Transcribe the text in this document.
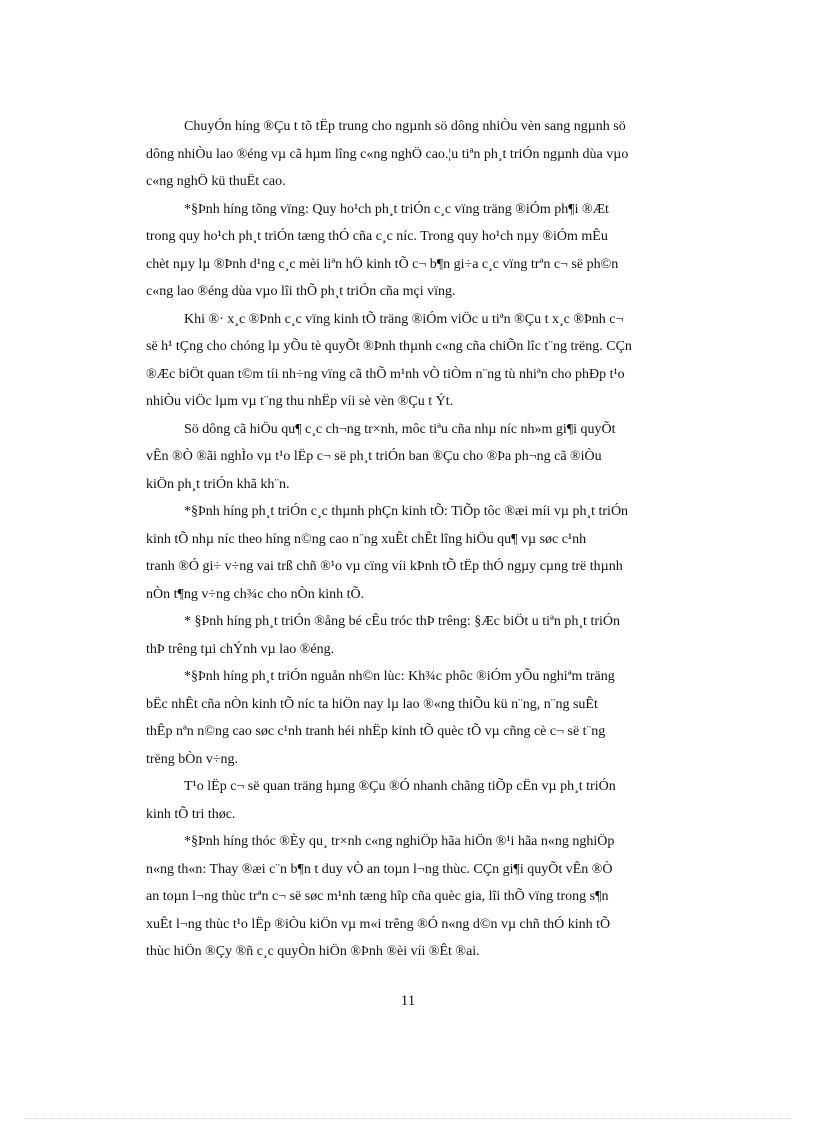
ChuyÓn híng ®Çu t tõ tËp trung cho ngµnh sö dông nhiÒu vèn sang ngµnh sö
dông nhiÒu lao ®éng vµ cã hµm lîng c«ng nghÖ cao.¦u tiªn ph¸t triÓn ngµnh dùa vµo
c«ng nghÖ kü thuËt cao.

*§Þnh híng tõng vïng: Quy ho¹ch ph¸t triÓn c¸c vïng träng ®iÓm ph¶i ®Æt
trong quy ho¹ch ph¸t triÓn tæng thÓ cña c¸c níc. Trong quy ho¹ch nµy ®iÓm mÊu
chèt nµy lµ ®Þnh d¹ng c¸c mèi liªn hÖ kinh tÕ c¬ b¶n gi÷a c¸c vïng trªn c¬ së ph©n
c«ng lao ®éng dùa vµo lîi thÕ ph¸t triÓn cña mçi vïng.

Khi ®· x¸c ®Þnh c¸c vïng kinh tÕ träng ®iÓm viÖc u tiªn ®Çu t x¸c ®Þnh c¬
së h¹ tÇng cho chóng lµ yÕu tè quyÕt ®Þnh thµnh c«ng cña chiÕn lîc t¨ng trëng. CÇn
®Æc biÖt quan t©m tíi nh÷ng vïng cã thÕ m¹nh vÒ tiÒm n¨ng tù nhiªn cho phÐp t¹o
nhiÒu viÖc lµm vµ t¨ng thu nhËp víi sè vèn ®Çu t Ýt.

Sö dông cã hiÖu qu¶ c¸c ch¬ng tr×nh, môc tiªu cña nhµ níc nh»m gi¶i quyÕt
vÊn ®Ò ®ãi nghÌo vµ t¹o lËp c¬ së ph¸t triÓn ban ®Çu cho ®Þa ph¬ng cã ®iÒu
kiÖn ph¸t triÓn khã kh¨n.

*§Þnh híng ph¸t triÓn c¸c thµnh phÇn kinh tÕ: TiÕp tôc ®æi míi vµ ph¸t triÓn
kinh tÕ nhµ níc theo híng n©ng cao n¨ng xuÊt chÊt lîng hiÖu qu¶ vµ søc c¹nh
tranh ®Ó gi÷ v÷ng vai trß chñ ®¹o vµ cïng víi kÞnh tÕ tËp thÓ ngµy cµng trë thµnh
nÒn t¶ng v÷ng ch¾c cho nÒn kinh tÕ.

* §Þnh híng ph¸t triÓn ®ång bé cÊu tróc thÞ trêng: §Æc biÖt u tiªn ph¸t triÓn
thÞ trêng tµi chÝnh vµ lao ®éng.

*§Þnh híng ph¸t triÓn nguån nh©n lùc: Kh¾c phôc ®iÓm yÕu nghiªm träng
bËc nhÊt cña nÒn kinh tÕ níc ta hiÖn nay lµ lao ®«ng thiÕu kü n¨ng, n¨ng suÊt
thÊp nªn n©ng cao søc c¹nh tranh héi nhËp kinh tÕ quèc tÕ vµ cñng cè c¬ së t¨ng
trëng bÒn v÷ng.

T¹o lËp c¬ së quan träng hµng ®Çu ®Ó nhanh chãng tiÕp cËn vµ ph¸t triÓn
kinh tÕ tri thøc.

*§Þnh híng thóc ®Èy qu¸ tr×nh c«ng nghiÖp hãa hiÖn ®¹i hãa n«ng nghiÖp
n«ng th«n: Thay ®æi c¨n b¶n t duy vÒ an toµn l¬ng thùc. CÇn gi¶i quyÕt vÊn ®Ò
an toµn l¬ng thùc trªn c¬ së søc m¹nh tæng hîp cña quèc gia, lîi thÕ vïng trong s¶n
xuÊt l¬ng thùc t¹o lËp ®iÒu kiÖn vµ m«i trêng ®Ó n«ng d©n vµ chñ thÓ kinh tÕ
thùc hiÖn ®Çy ®ñ c¸c quyÒn hiÖn ®Þnh ®èi víi ®Êt ®ai.

11
